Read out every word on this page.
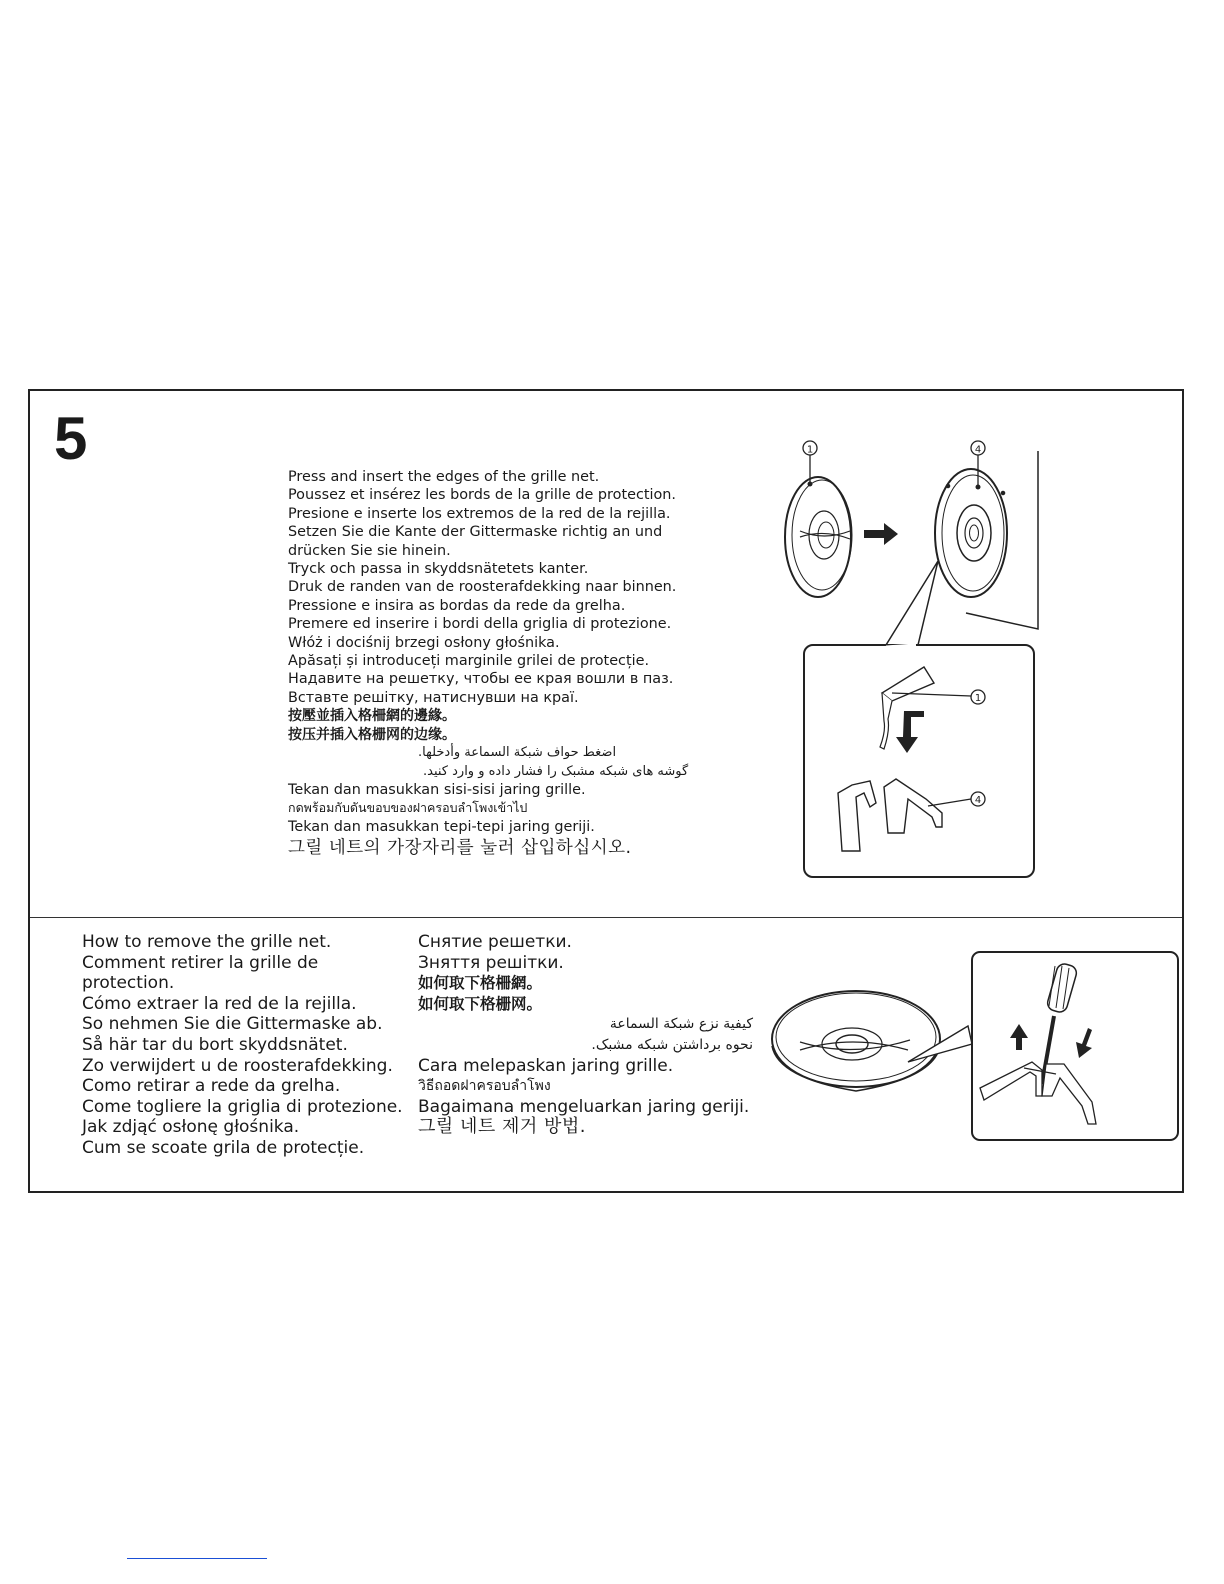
5
Press and insert the edges of the grille net.
Poussez et insérez les bords de la grille de protection.
Presione e inserte los extremos de la red de la rejilla.
Setzen Sie die Kante der Gittermaske richtig an und
drücken Sie sie hinein.
Tryck och passa in skyddsnätetets kanter.
Druk de randen van de roosterafdekking naar binnen.
Pressione e insira as bordas da rede da grelha.
Premere ed inserire i bordi della griglia di protezione.
Włóż i dociśnij brzegi osłony głośnika.
Apăsați și introduceți marginile grilei de protecție.
Надавите на решетку, чтобы ее края вошли в паз.
Вставте решітку, натиснувши на краї.
按壓並插入格柵網的邊緣。
按压并插入格栅网的边缘。
اضغط حواف شبكة السماعة وأدخلها.
گوشه های شبکه مشبک را فشار داده و وارد کنید.
Tekan dan masukkan sisi-sisi jaring grille.
กดพร้อมกับดันขอบของฝาครอบลำโพงเข้าไป
Tekan dan masukkan tepi-tepi jaring geriji.
그릴 네트의 가장자리를 눌러 삽입하십시오.
1	4
1
4
How to remove the grille net.
Comment retirer la grille de
protection.
Cómo extraer la red de la rejilla.
So nehmen Sie die Gittermaske ab.
Så här tar du bort skyddsnätet.
Zo verwijdert u de roosterafdekking.
Como retirar a rede da grelha.
Come togliere la griglia di protezione.
Jak zdjąć osłonę głośnika.
Cum se scoate grila de protecție.
Снятие решетки.
Зняття решітки.
如何取下格柵網。
如何取下格栅网。
كيفية نزع شبكة السماعة
نحوه برداشتن شبکه مشبک.
Cara melepaskan jaring grille.
วิธีถอดฝาครอบลำโพง
Bagaimana mengeluarkan jaring geriji.
그릴 네트 제거 방법.
